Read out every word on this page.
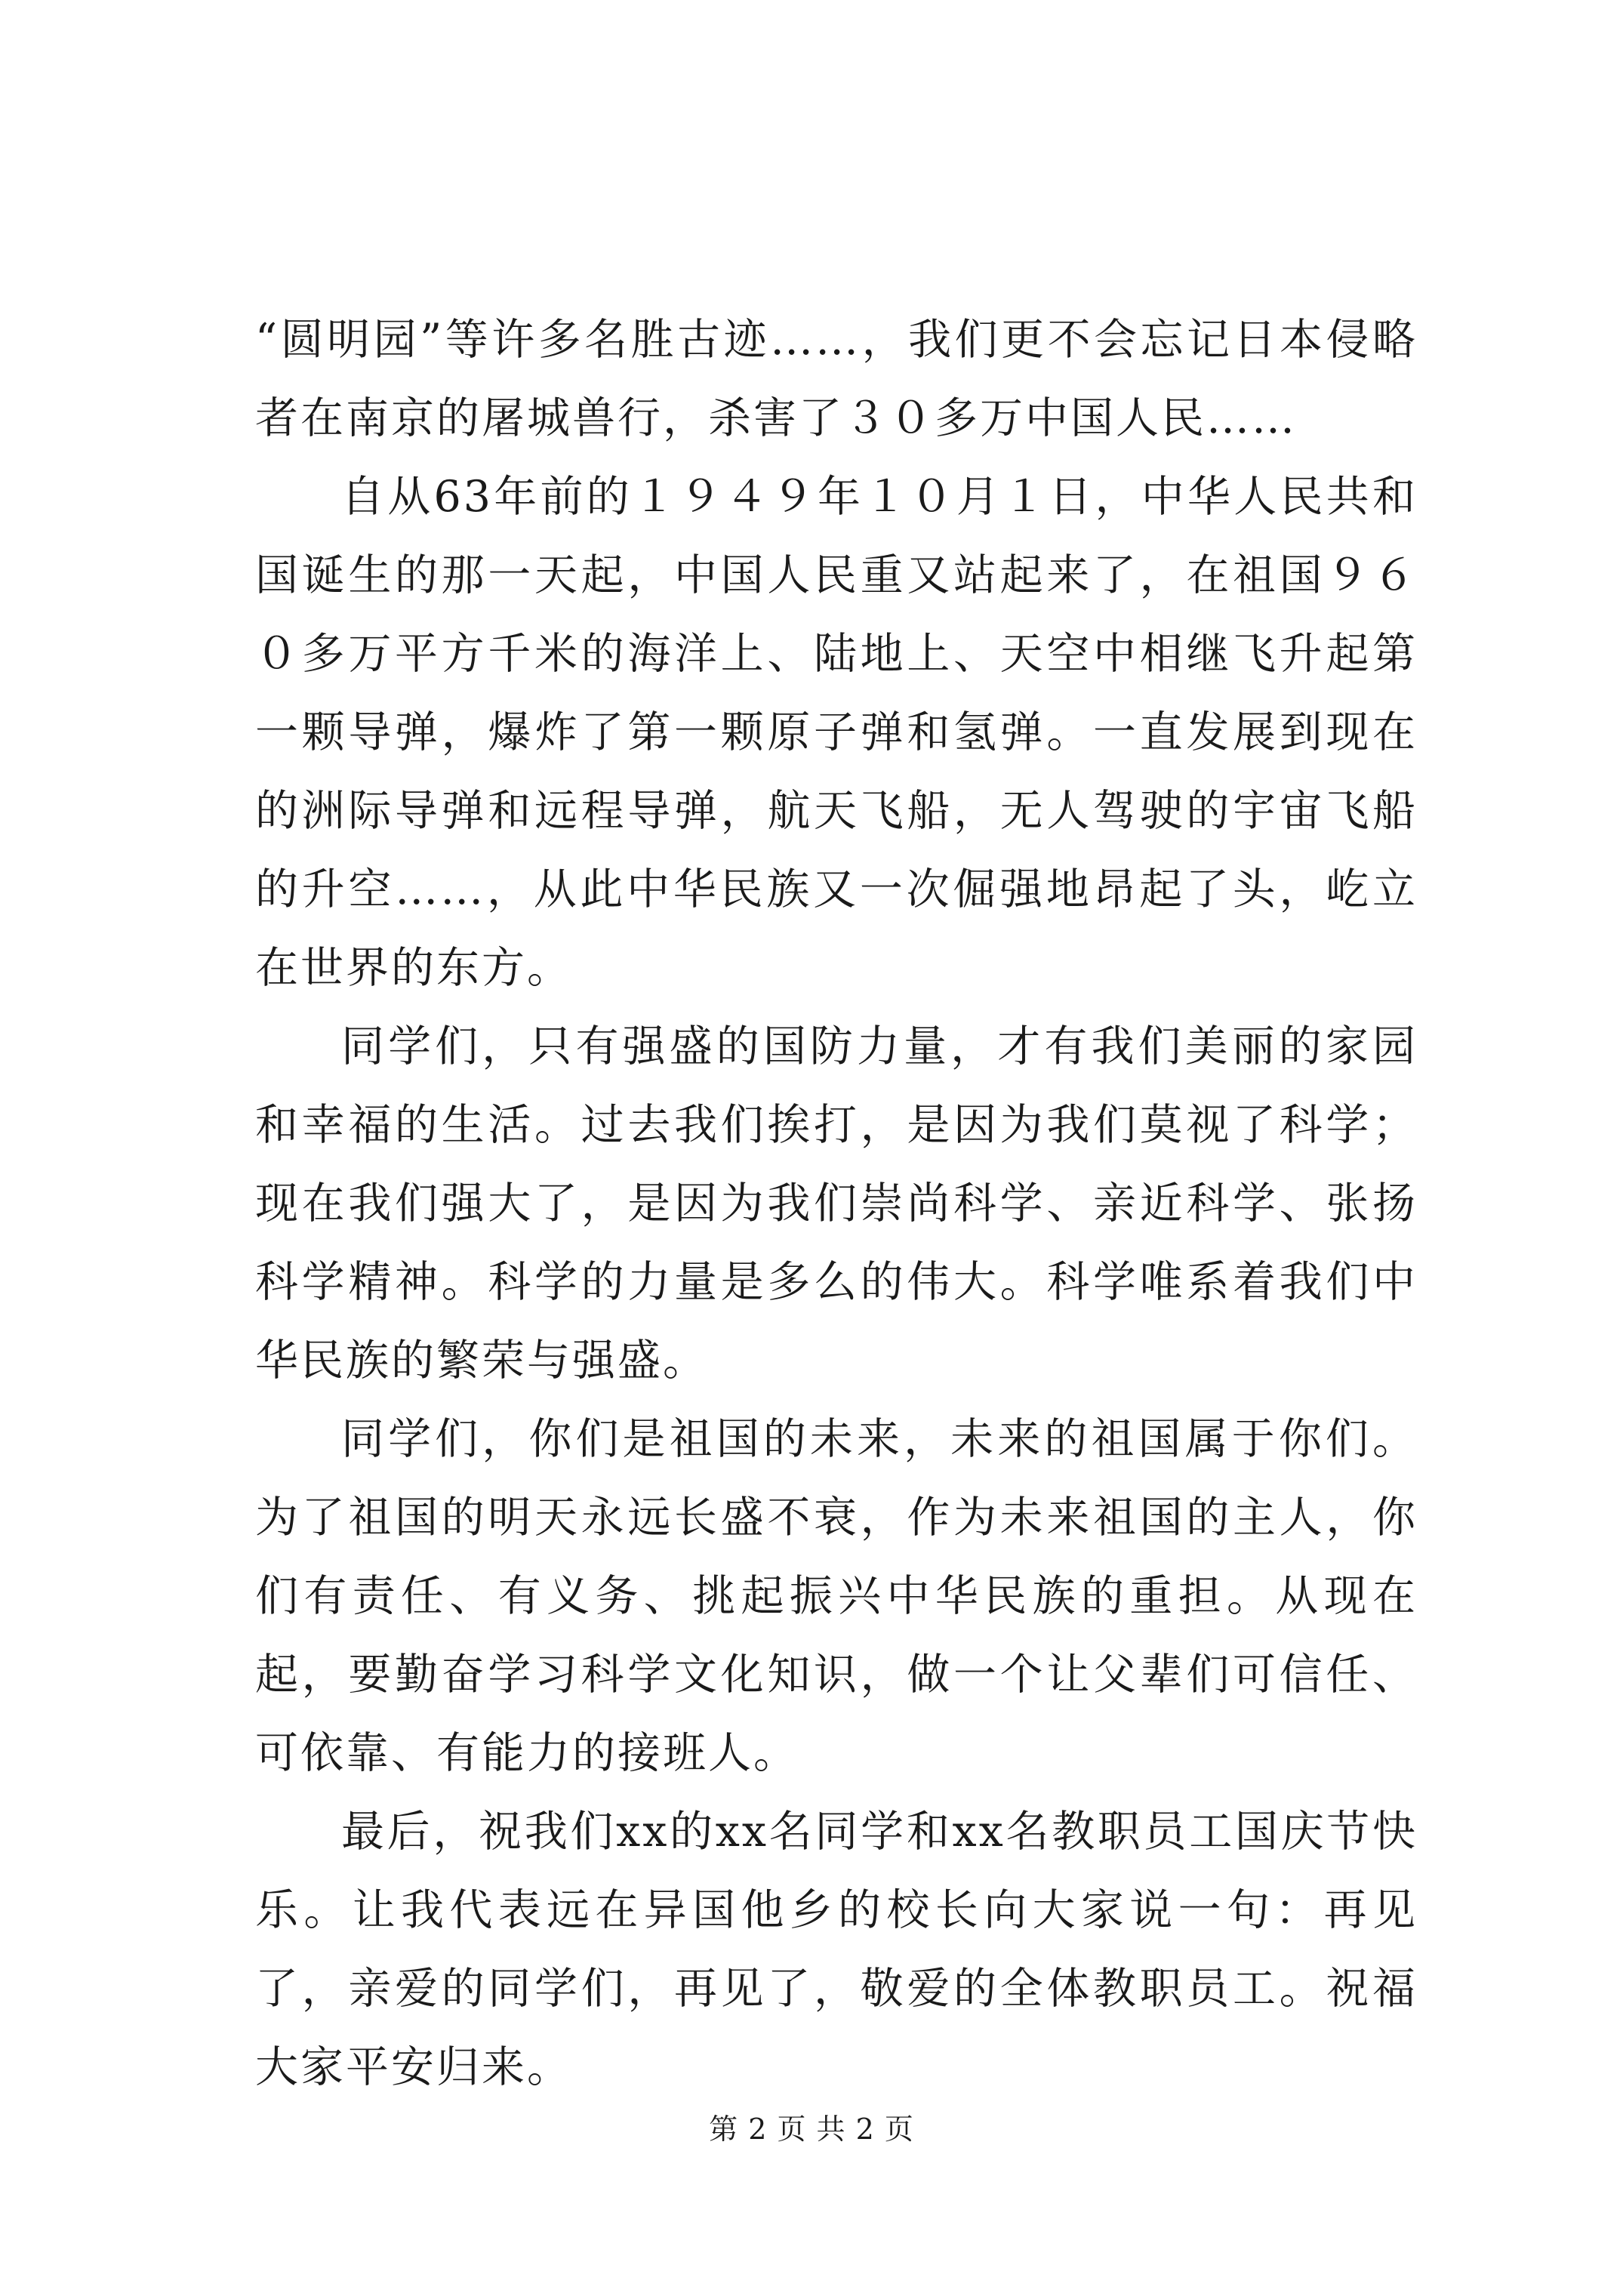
“圆明园”等许多名胜古迹……，我们更不会忘记日本侵略者在南京的屠城兽行，杀害了３０多万中国人民……

自从63年前的１９４９年１０月１日，中华人民共和国诞生的那一天起，中国人民重又站起来了，在祖国９６０多万平方千米的海洋上、陆地上、天空中相继飞升起第一颗导弹，爆炸了第一颗原子弹和氢弹。一直发展到现在的洲际导弹和远程导弹，航天飞船，无人驾驶的宇宙飞船的升空……，从此中华民族又一次倔强地昂起了头，屹立在世界的东方。

同学们，只有强盛的国防力量，才有我们美丽的家园和幸福的生活。过去我们挨打，是因为我们莫视了科学；现在我们强大了，是因为我们崇尚科学、亲近科学、张扬科学精神。科学的力量是多么的伟大。科学唯系着我们中华民族的繁荣与强盛。

同学们，你们是祖国的未来，未来的祖国属于你们。为了祖国的明天永远长盛不衰，作为未来祖国的主人，你们有责任、有义务、挑起振兴中华民族的重担。从现在起，要勤奋学习科学文化知识，做一个让父辈们可信任、可依靠、有能力的接班人。

最后，祝我们xx的xx名同学和xx名教职员工国庆节快乐。让我代表远在异国他乡的校长向大家说一句：再见了，亲爱的同学们，再见了，敬爱的全体教职员工。祝福大家平安归来。

第 2 页 共 2 页
